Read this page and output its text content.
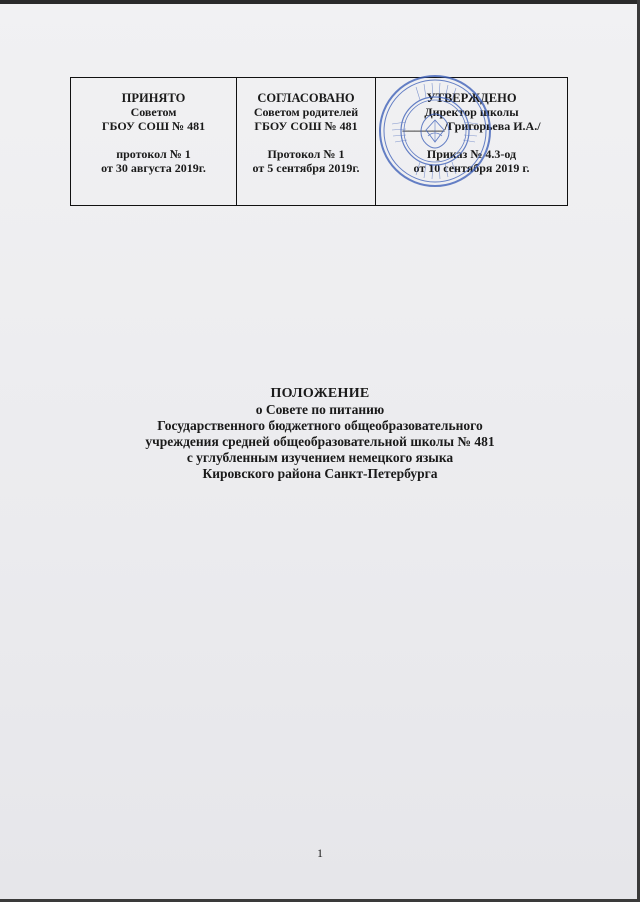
ПРИНЯТО
Советом
ГБОУ СОШ № 481
протокол № 1
от 30 августа 2019г.

СОГЛАСОВАНО
Советом родителей
ГБОУ СОШ № 481
Протокол № 1
от 5 сентября 2019г.

УТВЕРЖДЕНО
Директор школы
_______/Григорьева И.А./
Приказ № 4.3-од
от 10 сентября 2019 г.
ПОЛОЖЕНИЕ
о Совете по питанию
Государственного бюджетного общеобразовательного
учреждения средней общеобразовательной школы № 481
с углубленным изучением немецкого языка
Кировского района Санкт-Петербурга
1
